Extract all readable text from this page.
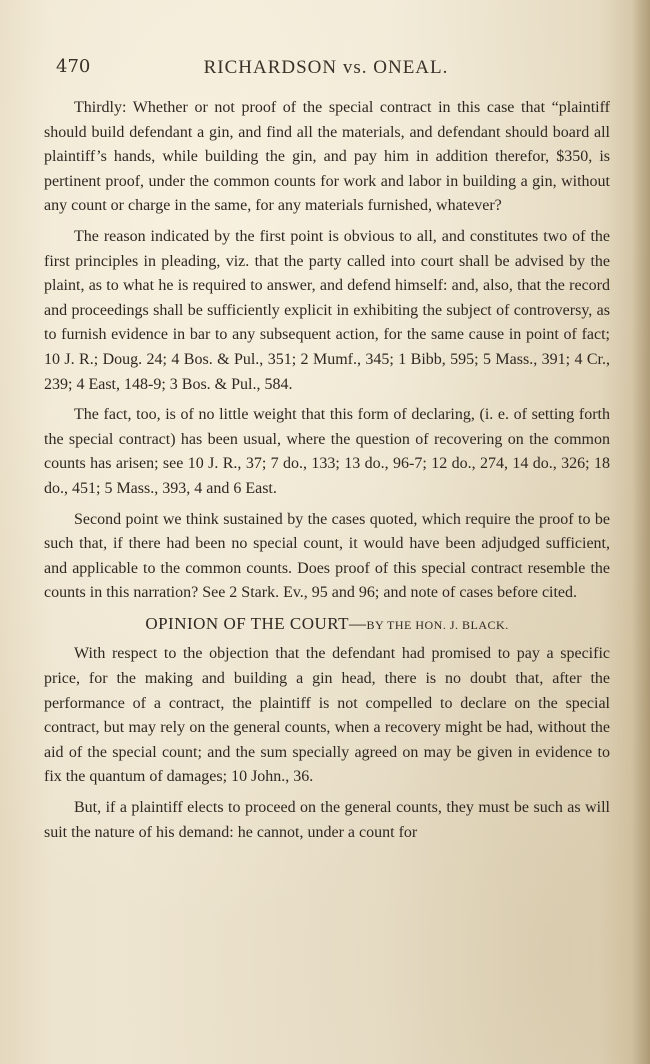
470	RICHARDSON vs. ONEAL.

Thirdly: Whether or not proof of the special contract in this case that “plaintiff should build defendant a gin, and find all the materials, and defendant should board all plaintiff’s hands, while building the gin, and pay him in addition therefor, $350, is pertinent proof, under the common counts for work and labor in building a gin, without any count or charge in the same, for any materials furnished, whatever?

The reason indicated by the first point is obvious to all, and constitutes two of the first principles in pleading, viz. that the party called into court shall be advised by the plaint, as to what he is required to answer, and defend himself: and, also, that the record and proceedings shall be sufficiently explicit in exhibiting the subject of controversy, as to furnish evidence in bar to any subsequent action, for the same cause in point of fact; 10 J. R.; Doug. 24; 4 Bos. & Pul., 351; 2 Mumf., 345; 1 Bibb, 595; 5 Mass., 391; 4 Cr., 239; 4 East, 148-9; 3 Bos. & Pul., 584.

The fact, too, is of no little weight that this form of declaring, (i. e. of setting forth the special contract) has been usual, where the question of recovering on the common counts has arisen; see 10 J. R., 37; 7 do., 133; 13 do., 96-7; 12 do., 274, 14 do., 326; 18 do., 451; 5 Mass., 393, 4 and 6 East.

Second point we think sustained by the cases quoted, which require the proof to be such that, if there had been no special count, it would have been adjudged sufficient, and applicable to the common counts. Does proof of this special contract resemble the counts in this narration? See 2 Stark. Ev., 95 and 96; and note of cases before cited.

OPINION OF THE COURT—BY THE HON. J. BLACK.

With respect to the objection that the defendant had promised to pay a specific price, for the making and building a gin head, there is no doubt that, after the performance of a contract, the plaintiff is not compelled to declare on the special contract, but may rely on the general counts, when a recovery might be had, without the aid of the special count; and the sum specially agreed on may be given in evidence to fix the quantum of damages; 10 John., 36.

But, if a plaintiff elects to proceed on the general counts, they must be such as will suit the nature of his demand: he cannot, under a count for
